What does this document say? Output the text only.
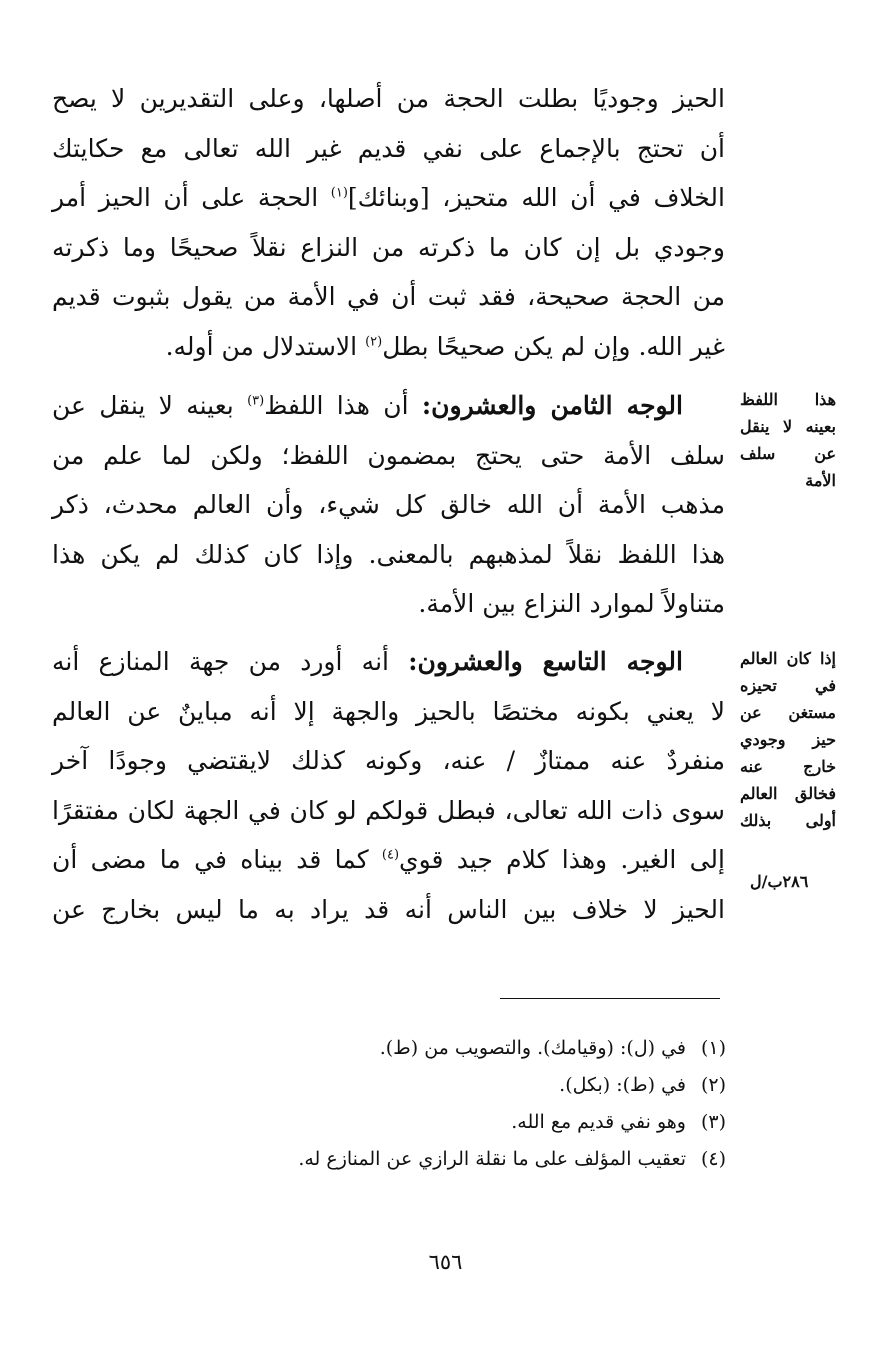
الحيز وجوديًا بطلت الحجة من أصلها، وعلى التقديرين لا يصح

أن تحتج بالإجماع على نفي قديم غير الله تعالى مع حكايتك

الخلاف في أن الله متحيز، [وبنائك]$^{(١)}$ الحجة على أن الحيز أمر

وجودي بل إن كان ما ذكرته من النزاع نقلاً صحيحًا وما ذكرته

من الحجة صحيحة، فقد ثبت أن في الأمة من يقول بثبوت قديم

غير الله. وإن لم يكن صحيحًا بطل$^{(٢)}$ الاستدلال من أوله.

الوجه الثامن والعشرون: أن هذا اللفظ$^{(٣)}$ بعينه لا ينقل عن

سلف الأمة حتى يحتج بمضمون اللفظ؛ ولكن لما علم من

مذهب الأمة أن الله خالق كل شيء، وأن العالم محدث، ذكر

هذا اللفظ نقلاً لمذهبهم بالمعنى. وإذا كان كذلك لم يكن هذا

متناولاً لموارد النزاع بين الأمة.

الوجه التاسع والعشرون: أنه أورد من جهة المنازع أنه

لا يعني بكونه مختصًا بالحيز والجهة إلا أنه مباينٌ عن العالم

منفردٌ عنه ممتازٌ / عنه، وكونه كذلك لايقتضي وجودًا آخر

سوى ذات الله تعالى، فبطل قولكم لو كان في الجهة لكان مفتقرًا

إلى الغير. وهذا كلام جيد قوي$^{(٤)}$ كما قد بيناه في ما مضى أن

الحيز لا خلاف بين الناس أنه قد يراد به ما ليس بخارج عن

هذا اللفظ بعينه لا ينقل عن سلف الأمة
إذا كان العالم في تحيزه مستغن عن حيز وجودي خارج عنه فخالق العالم أولى بذلك
٢٨٦ب/ل
(١)في (ل): (وقيامك). والتصويب من (ط).
(٢)في (ط): (بكل).
(٣)وهو نفي قديم مع الله.
(٤)تعقيب المؤلف على ما نقلة الرازي عن المنازع له.
٦٥٦
